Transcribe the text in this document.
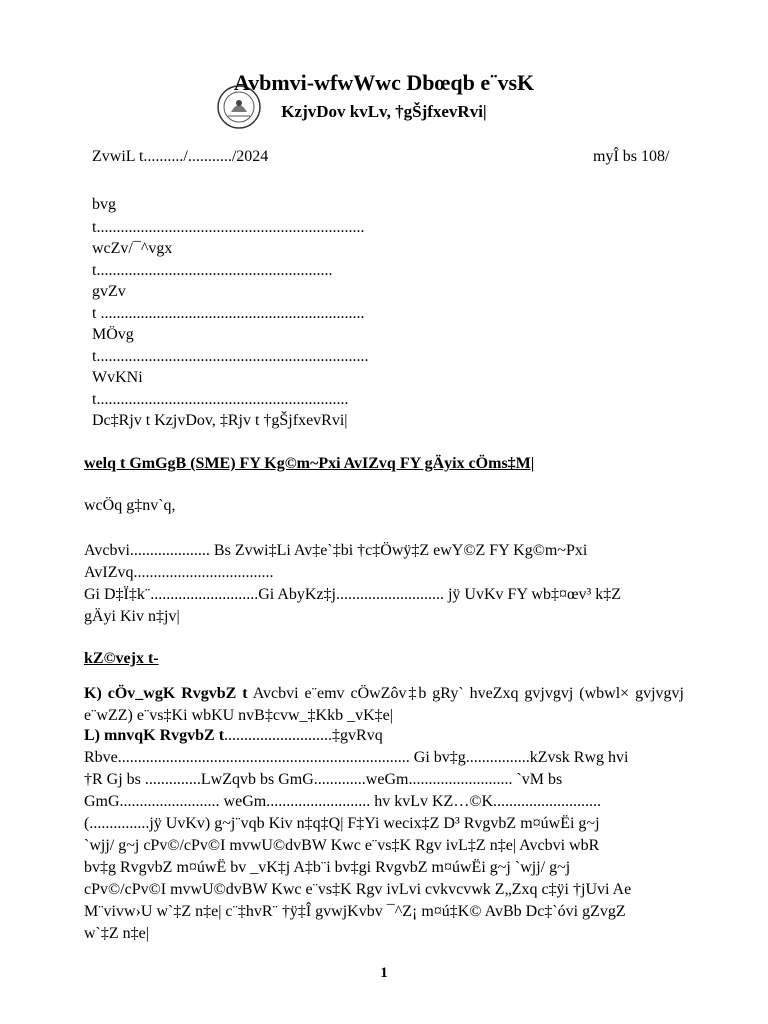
Avbmvi-wfwWwc Dbœqb e¨vsK
KzjvDov kvLv, †gŠjfxevRvi|
ZvwiL t........../.........../2024	myÎ bs 108/
bvg
t...................................................................
wcZv/¯^vgx
t...........................................................
gvZv
t ..................................................................
MÖvg
t....................................................................
WvKNi
t...............................................................
Dc‡Rjv t KzjvDov, ‡Rjv t †gŠjfxevRvi|
welq t GmGgB (SME) FY Kg©m~Pxi AvIZvq FY gÄyix cÖms‡M|
wcÖq g‡nv`q,
Avcbvi.................... Bs Zvwi‡Li Av‡e`‡bi †c‡Öwÿ‡Z ewY©Z FY Kg©m~Pxi
AvIZvq...................................
Gi D‡Ï‡k¨...........................Gi AbyKz‡j........................... jÿ UvKv FY wb‡¤œv³ k‡Z
gÄyi Kiv n‡jv|
kZ©vejx t-
K) cÖv_wgK RvgvbZ t Avcbvi e¨emv cÖwZôv‡b gRy` hveZxq gvjvgvj (wbwl× gvjvgvj e¨wZZ) e¨vs‡Ki wbKU nvB‡cvw_‡Kkb _vK‡e|
L) mnvqK RvgvbZ t...........................‡gvRvq
Rbve......................................................................... Gi bv‡g................kZvsk Rwg hvi
†R Gj bs ..............LwZqvb bs GmG.............weGm.......................... `vM bs
GmG......................... weGm.......................... hv kvLv KZ…©K...........................
(...............jÿ UvKv) g~j¨vqb Kiv n‡q‡Q| F‡Yi wecix‡Z D³ RvgvbZ m¤úwËi g~j
`wjj/ g~j cPv©/cPv©I mvwU©dvBW Kwc e¨vs‡K Rgv ivL‡Z n‡e| Avcbvi wbR
bv‡g RvgvbZ m¤úwË bv _vK‡j A‡b¨i bv‡gi RvgvbZ m¤úwËi g~j `wjj/ g~j
cPv©/cPv©I mvwU©dvBW Kwc e¨vs‡K Rgv ivLvi cvkvcvwk Z„Zxq c‡ÿi †jUvi Ae
M¨vivw›U w`‡Z n‡e| c¨‡hvR¨ †ÿ‡Î gvwjKvbv ¯^Z¡ m¤ú‡K© AvBb Dc‡`óvi gZvgZ
w`‡Z n‡e|
1
